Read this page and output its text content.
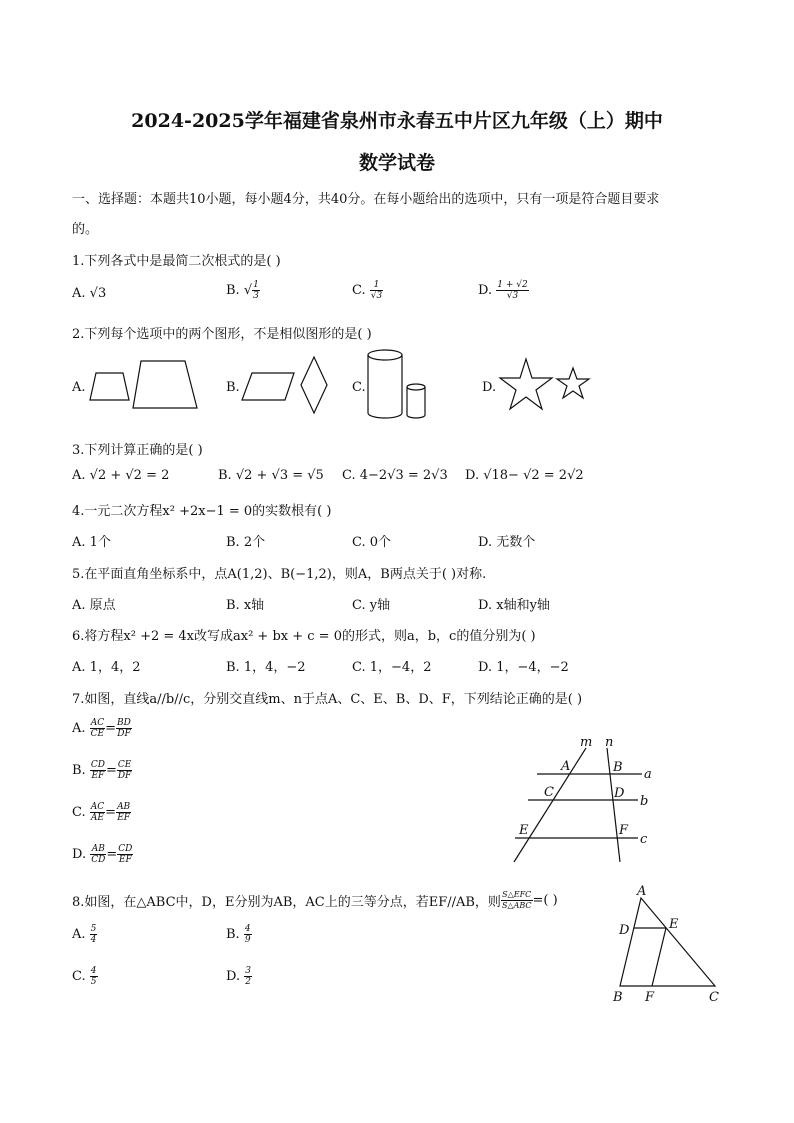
2024-2025学年福建省泉州市永春五中片区九年级（上）期中
数学试卷
一、选择题：本题共10小题，每小题4分，共40分。在每小题给出的选项中，只有一项是符合题目要求
的。
1.下列各式中是最简二次根式的是( )
A. √3	B. √ $\frac{1}{3}$	C. $\frac{1}{√3}$	D. $\frac{1 + √2}{√3}$
2.下列每个选项中的两个图形，不是相似图形的是( )
A.	B.	C.	D.
3.下列计算正确的是( )
A. √2 + √2 = 2	B. √2 + √3 = √5 C. 4−2√3 = 2√3 D. √18− √2 = 2√2
4.一元二次方程x² +2x−1 = 0的实数根有( )
A. 1个	B. 2个	C. 0个	D. 无数个
5.在平面直角坐标系中，点A(1,2)、B(−1,2)，则A，B两点关于( )对称.
A. 原点	B. x轴	C. y轴	D. x轴和y轴
6.将方程x² +2 = 4x改写成ax² + bx + c = 0的形式，则a，b，c的值分别为( )
A. 1，4，2	B. 1，4，−2	C. 1，−4，2	D. 1，−4，−2
7.如图，直线a//b//c，分别交直线m、n于点A、C、E、B、D、F，下列结论正确的是( )
A. $\frac{AC}{CE} = \frac{BD}{DF}$
B. $\frac{CD}{EF} = \frac{CE}{DF}$
C. $\frac{AC}{AE} = \frac{AB}{EF}$
D. $\frac{AB}{CD} = \frac{CD}{EF}$
m n
a
b
c
A	B
C	D
E	F
8.如图，在△ABC中，D，E分别为AB，AC上的三等分点，若EF//AB，则 $\frac{\text{S△EFC}}{\text{S△ABC}}$ =( )
A. $\frac{5}{4}$	B. $\frac{4}{9}$
C. $\frac{4}{5}$	D. $\frac{3}{2}$
A
D	E
B F	C
